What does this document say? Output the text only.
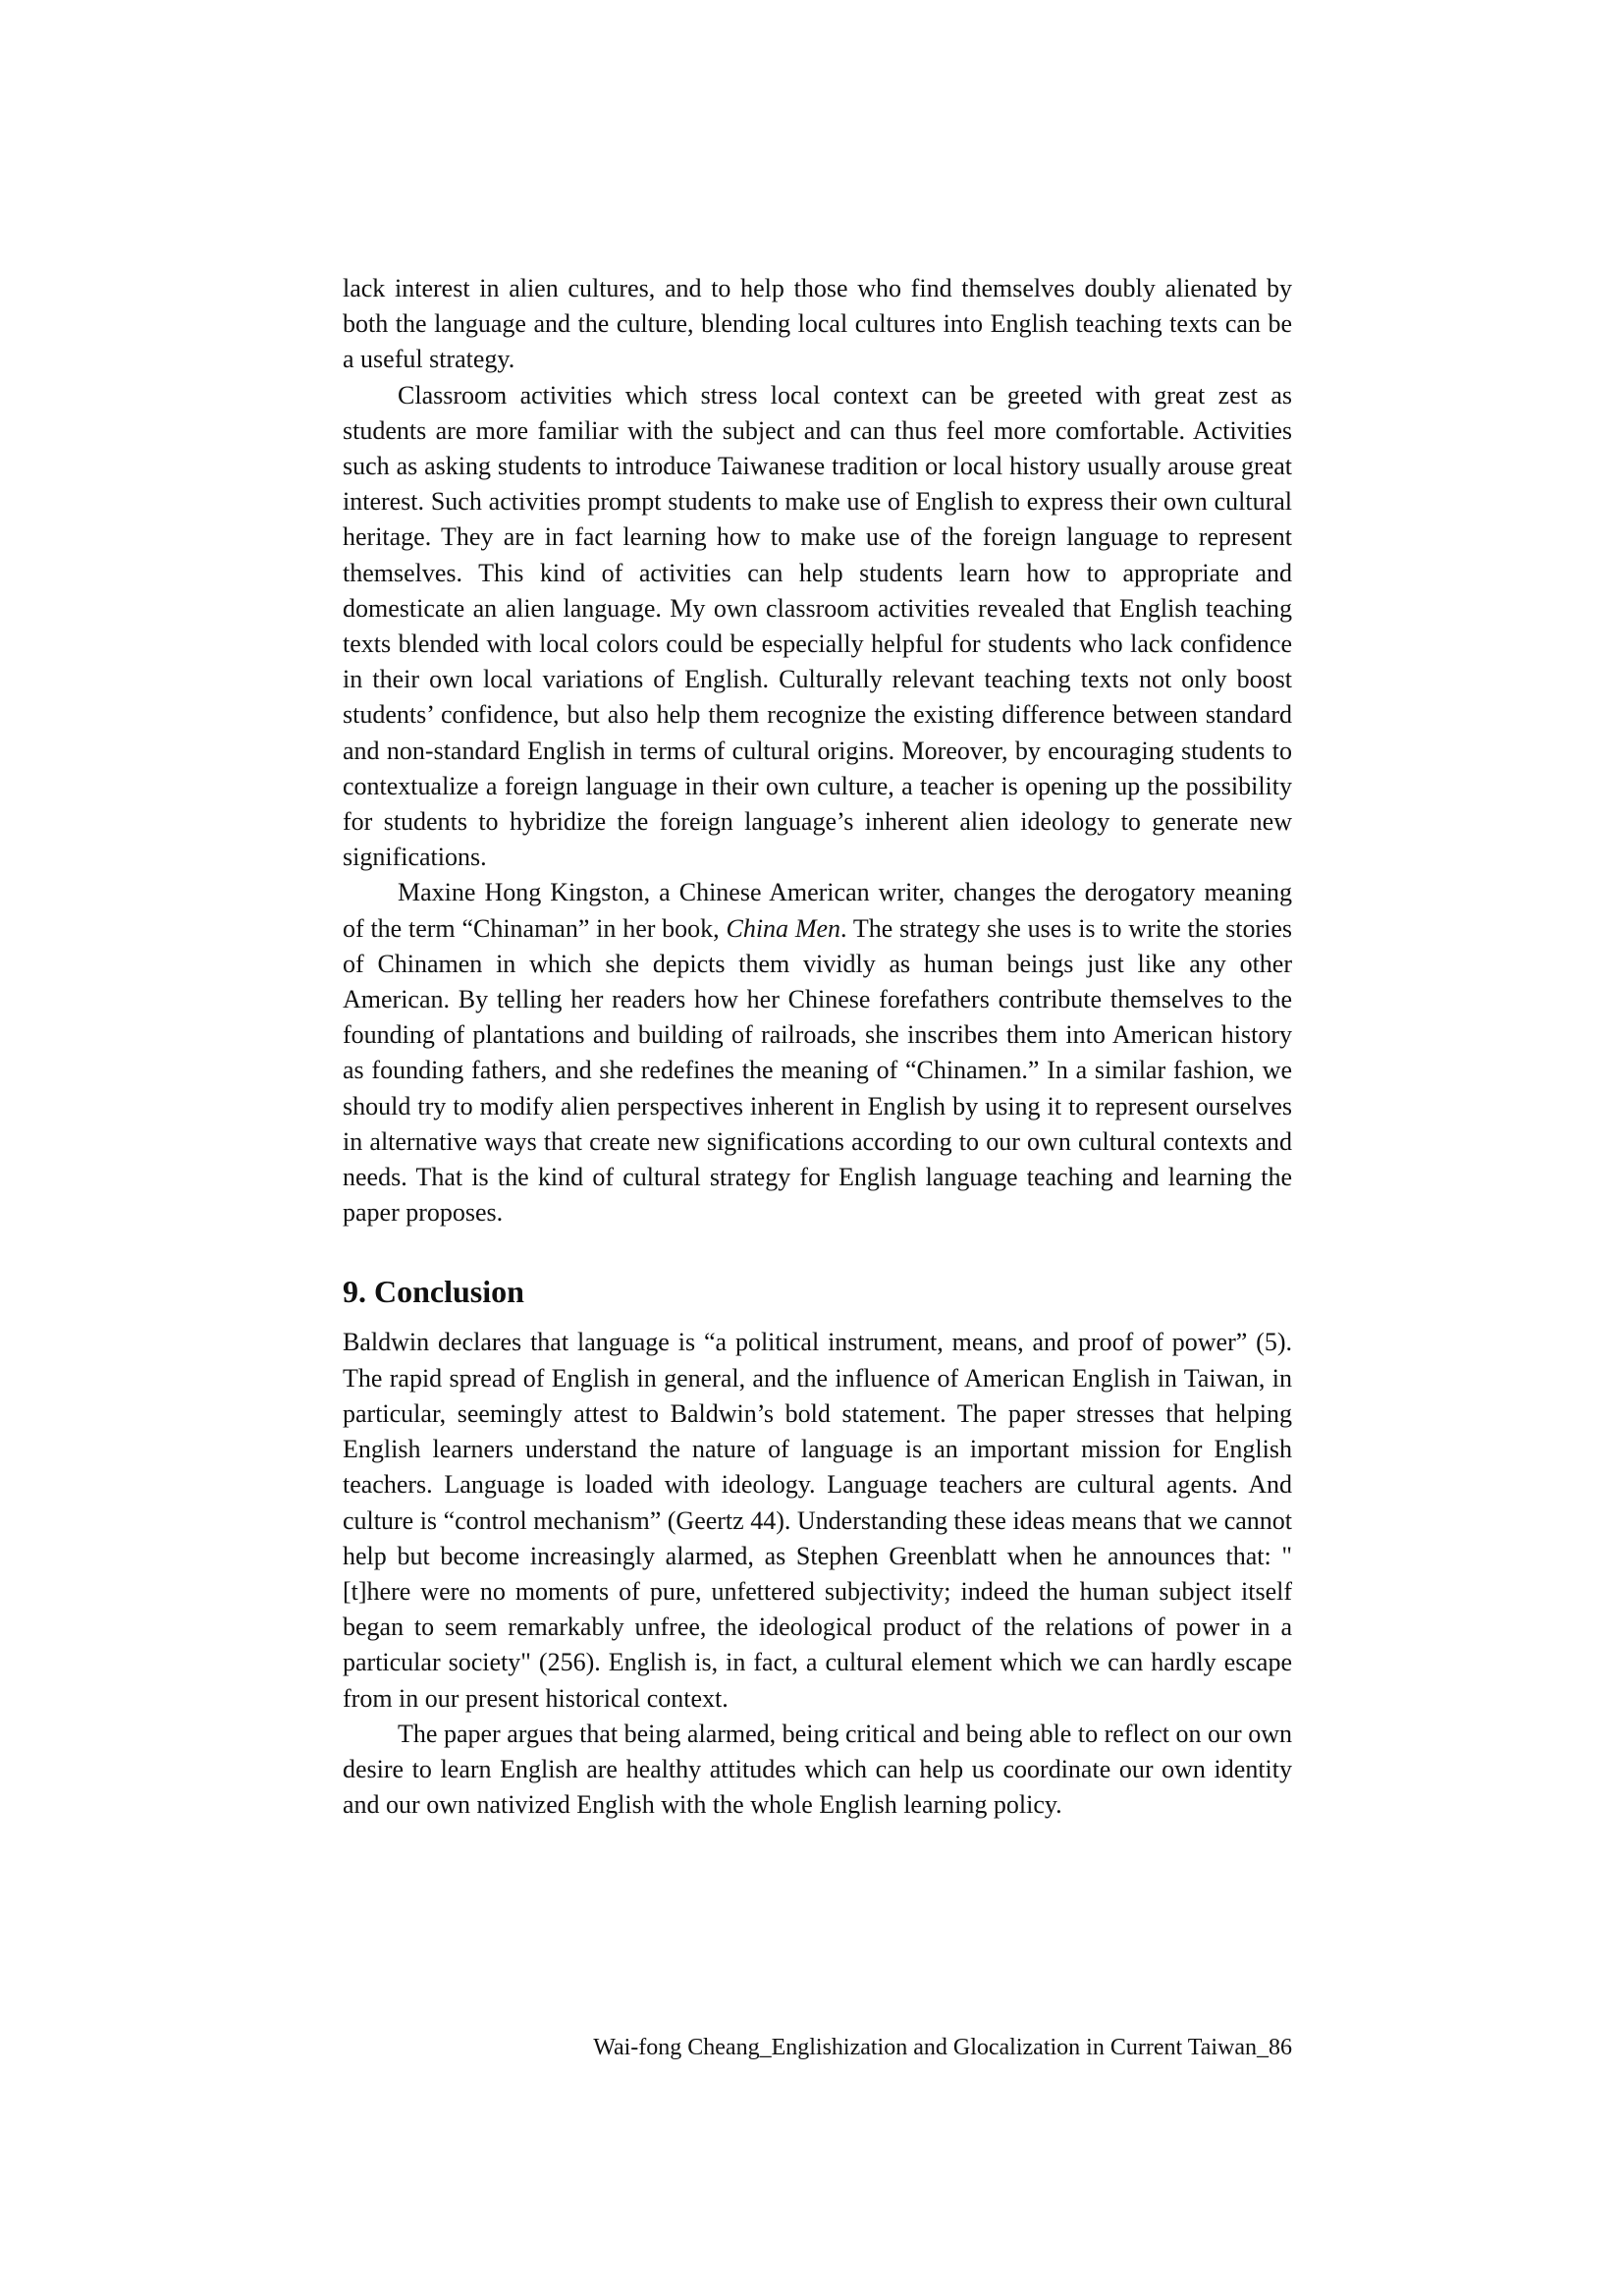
lack interest in alien cultures, and to help those who find themselves doubly alienated by both the language and the culture, blending local cultures into English teaching texts can be a useful strategy.

Classroom activities which stress local context can be greeted with great zest as students are more familiar with the subject and can thus feel more comfortable. Activities such as asking students to introduce Taiwanese tradition or local history usually arouse great interest. Such activities prompt students to make use of English to express their own cultural heritage. They are in fact learning how to make use of the foreign language to represent themselves. This kind of activities can help students learn how to appropriate and domesticate an alien language. My own classroom activities revealed that English teaching texts blended with local colors could be especially helpful for students who lack confidence in their own local variations of English. Culturally relevant teaching texts not only boost students’ confidence, but also help them recognize the existing difference between standard and non-standard English in terms of cultural origins. Moreover, by encouraging students to contextualize a foreign language in their own culture, a teacher is opening up the possibility for students to hybridize the foreign language’s inherent alien ideology to generate new significations.

Maxine Hong Kingston, a Chinese American writer, changes the derogatory meaning of the term “Chinaman” in her book, China Men. The strategy she uses is to write the stories of Chinamen in which she depicts them vividly as human beings just like any other American. By telling her readers how her Chinese forefathers contribute themselves to the founding of plantations and building of railroads, she inscribes them into American history as founding fathers, and she redefines the meaning of “Chinamen.” In a similar fashion, we should try to modify alien perspectives inherent in English by using it to represent ourselves in alternative ways that create new significations according to our own cultural contexts and needs. That is the kind of cultural strategy for English language teaching and learning the paper proposes.

9. Conclusion

Baldwin declares that language is “a political instrument, means, and proof of power” (5). The rapid spread of English in general, and the influence of American English in Taiwan, in particular, seemingly attest to Baldwin’s bold statement. The paper stresses that helping English learners understand the nature of language is an important mission for English teachers. Language is loaded with ideology. Language teachers are cultural agents. And culture is “control mechanism” (Geertz 44). Understanding these ideas means that we cannot help but become increasingly alarmed, as Stephen Greenblatt when he announces that: "[t]here were no moments of pure, unfettered subjectivity; indeed the human subject itself began to seem remarkably unfree, the ideological product of the relations of power in a particular society" (256). English is, in fact, a cultural element which we can hardly escape from in our present historical context.

The paper argues that being alarmed, being critical and being able to reflect on our own desire to learn English are healthy attitudes which can help us coordinate our own identity and our own nativized English with the whole English learning policy.

Wai-fong Cheang_Englishization and Glocalization in Current Taiwan_86
